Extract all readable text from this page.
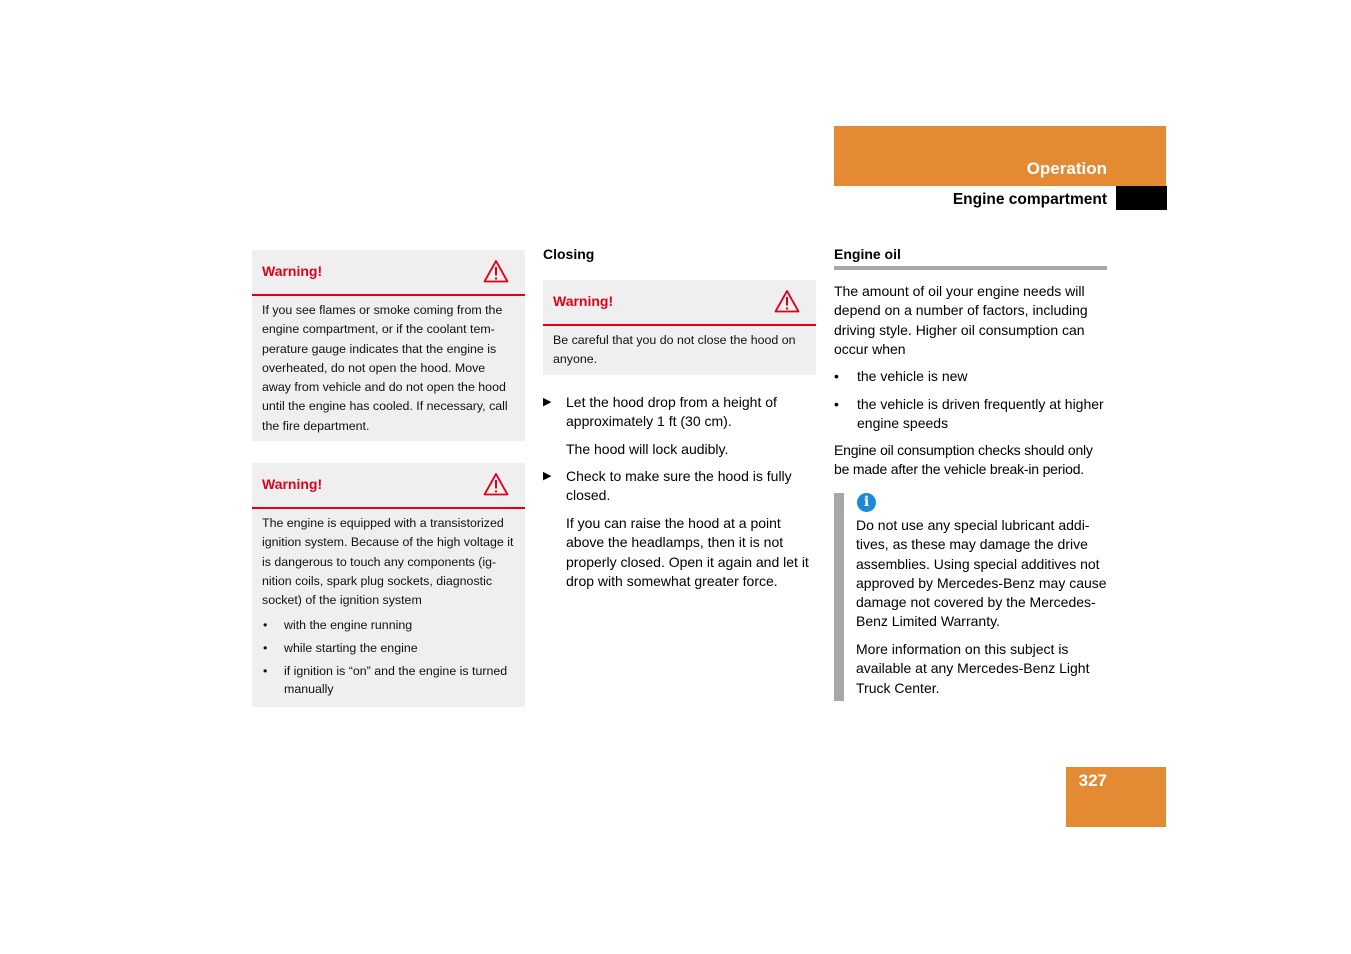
Operation
Engine compartment
Warning!

If you see flames or smoke coming from the engine compartment, or if the coolant tem-perature gauge indicates that the engine is overheated, do not open the hood. Move away from vehicle and do not open the hood until the engine has cooled. If necessary, call the fire department.

Warning!

The engine is equipped with a transistorized ignition system. Because of the high voltage it is dangerous to touch any components (ig-nition coils, spark plug sockets, diagnostic socket) of the ignition system

• with the engine running
• while starting the engine
• if ignition is “on” and the engine is turned manually
Closing
Warning!

Be careful that you do not close the hood on anyone.

▶ Let the hood drop from a height of approximately 1 ft (30 cm).
The hood will lock audibly.
▶ Check to make sure the hood is fully closed.
If you can raise the hood at a point above the headlamps, then it is not properly closed. Open it again and let it drop with somewhat greater force.
Engine oil
The amount of oil your engine needs will depend on a number of factors, including driving style. Higher oil consumption can occur when
• the vehicle is new
• the vehicle is driven frequently at higher engine speeds
Engine oil consumption checks should only be made after the vehicle break-in period.
i
Do not use any special lubricant addi-tives, as these may damage the drive assemblies. Using special additives not approved by Mercedes-Benz may cause damage not covered by the Mercedes-Benz Limited Warranty.
More information on this subject is available at any Mercedes-Benz Light Truck Center.
327
